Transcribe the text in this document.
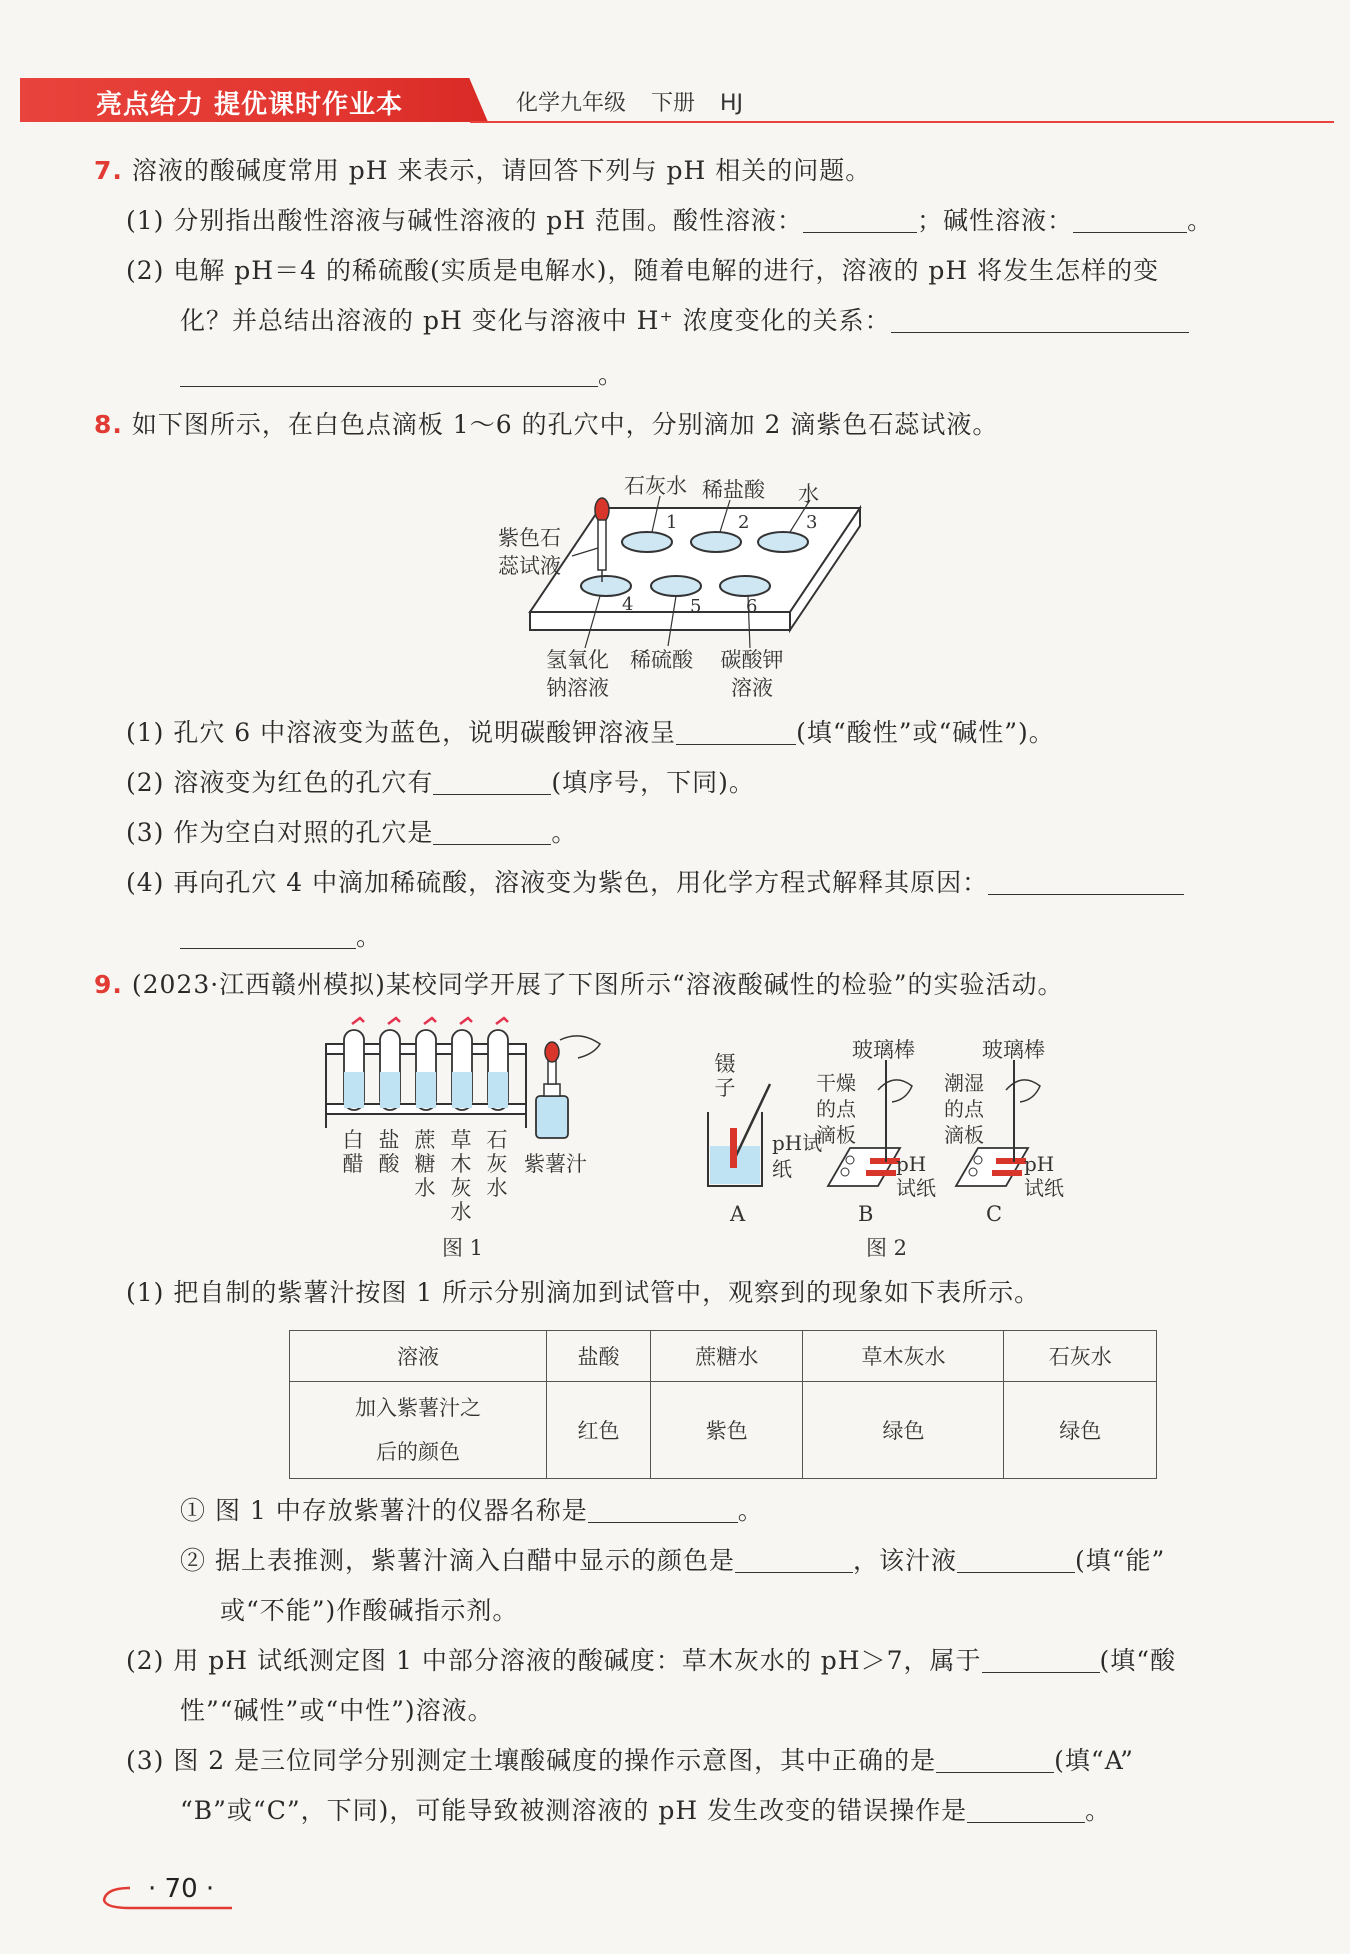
亮点给力 提优课时作业本	化学九年级 下册 HJ
7. 溶液的酸碱度常用 pH 来表示，请回答下列与 pH 相关的问题。
(1) 分别指出酸性溶液与碱性溶液的 pH 范围。酸性溶液：	；碱性溶液：	。
(2) 电解 pH＝4 的稀硫酸(实质是电解水)，随着电解的进行，溶液的 pH 将发生怎样的变
化？并总结出溶液的 pH 变化与溶液中 H⁺ 浓度变化的关系：
。
8. 如下图所示，在白色点滴板 1～6 的孔穴中，分别滴加 2 滴紫色石蕊试液。
石灰水 稀盐酸 水
紫色石蕊试液
1	2	3
4	5 6
氢氧化钠溶液
稀硫酸 碳酸钾溶液
(1) 孔穴 6 中溶液变为蓝色，说明碳酸钾溶液呈	(填“酸性”或“碱性”)。
(2) 溶液变为红色的孔穴有	(填序号，下同)。
(3) 作为空白对照的孔穴是	。
(4) 再向孔穴 4 中滴加稀硫酸，溶液变为紫色，用化学方程式解释其原因：
。
9. (2023·江西赣州模拟)某校同学开展了下图所示“溶液酸碱性的检验”的实验活动。
白醋
盐酸
蔗糖水
草木灰水
石灰水
紫薯汁
图 1
镊子
pH试纸
玻璃棒
干燥的点滴板
pH试纸
玻璃棒
潮湿的点滴板
pH试纸
A	B	C
图 2
(1) 把自制的紫薯汁按图 1 所示分别滴加到试管中，观察到的现象如下表所示。
溶液	盐酸	蔗糖水	草木灰水	石灰水
加入紫薯汁之
后的颜色	红色	紫色	绿色	绿色
① 图 1 中存放紫薯汁的仪器名称是	。
② 据上表推测，紫薯汁滴入白醋中显示的颜色是	，该汁液	(填“能”
或“不能”)作酸碱指示剂。
(2) 用 pH 试纸测定图 1 中部分溶液的酸碱度：草木灰水的 pH＞7，属于	(填“酸
性”“碱性”或“中性”)溶液。
(3) 图 2 是三位同学分别测定土壤酸碱度的操作示意图，其中正确的是	(填“A”
“B”或“C”，下同)，可能导致被测溶液的 pH 发生改变的错误操作是	。
· 70 ·
